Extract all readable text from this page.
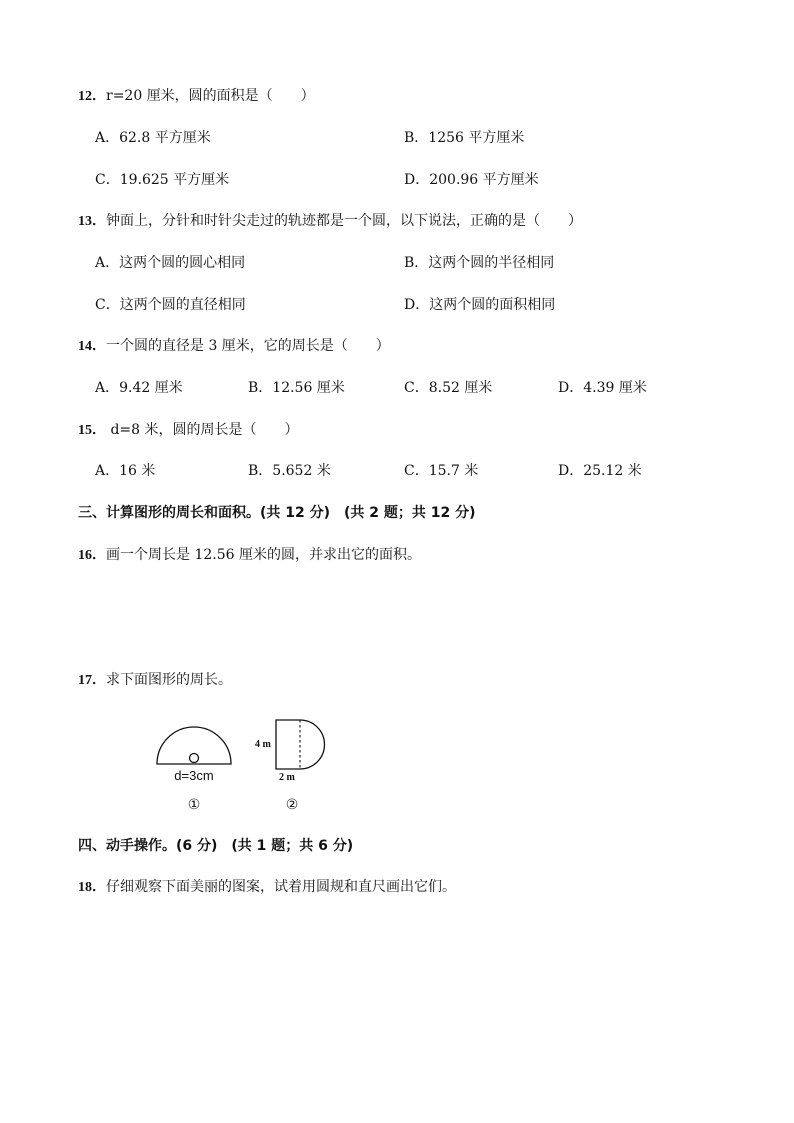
12．r=20 厘米，圆的面积是（　　）
A．62.8 平方厘米	B．1256 平方厘米
C．19.625 平方厘米	D．200.96 平方厘米
13．钟面上，分针和时针尖走过的轨迹都是一个圆，以下说法，正确的是（　　）
A．这两个圆的圆心相同	B．这两个圆的半径相同
C．这两个圆的直径相同	D．这两个圆的面积相同
14．一个圆的直径是 3 厘米，它的周长是（　　）
A．9.42 厘米	B．12.56 厘米	C．8.52 厘米	D．4.39 厘米
15． d=8 米，圆的周长是（　　）
A．16 米	B．5.652 米	C．15.7 米	D．25.12 米
三、计算图形的周长和面积。(共 12 分)　(共 2 题；共 12 分)
16．画一个周长是 12.56 厘米的圆，并求出它的面积。
17．求下面图形的周长。
d=3cm
①
4 m
2 m
②
四、动手操作。(6 分)　(共 1 题；共 6 分)
18．仔细观察下面美丽的图案，试着用圆规和直尺画出它们。
